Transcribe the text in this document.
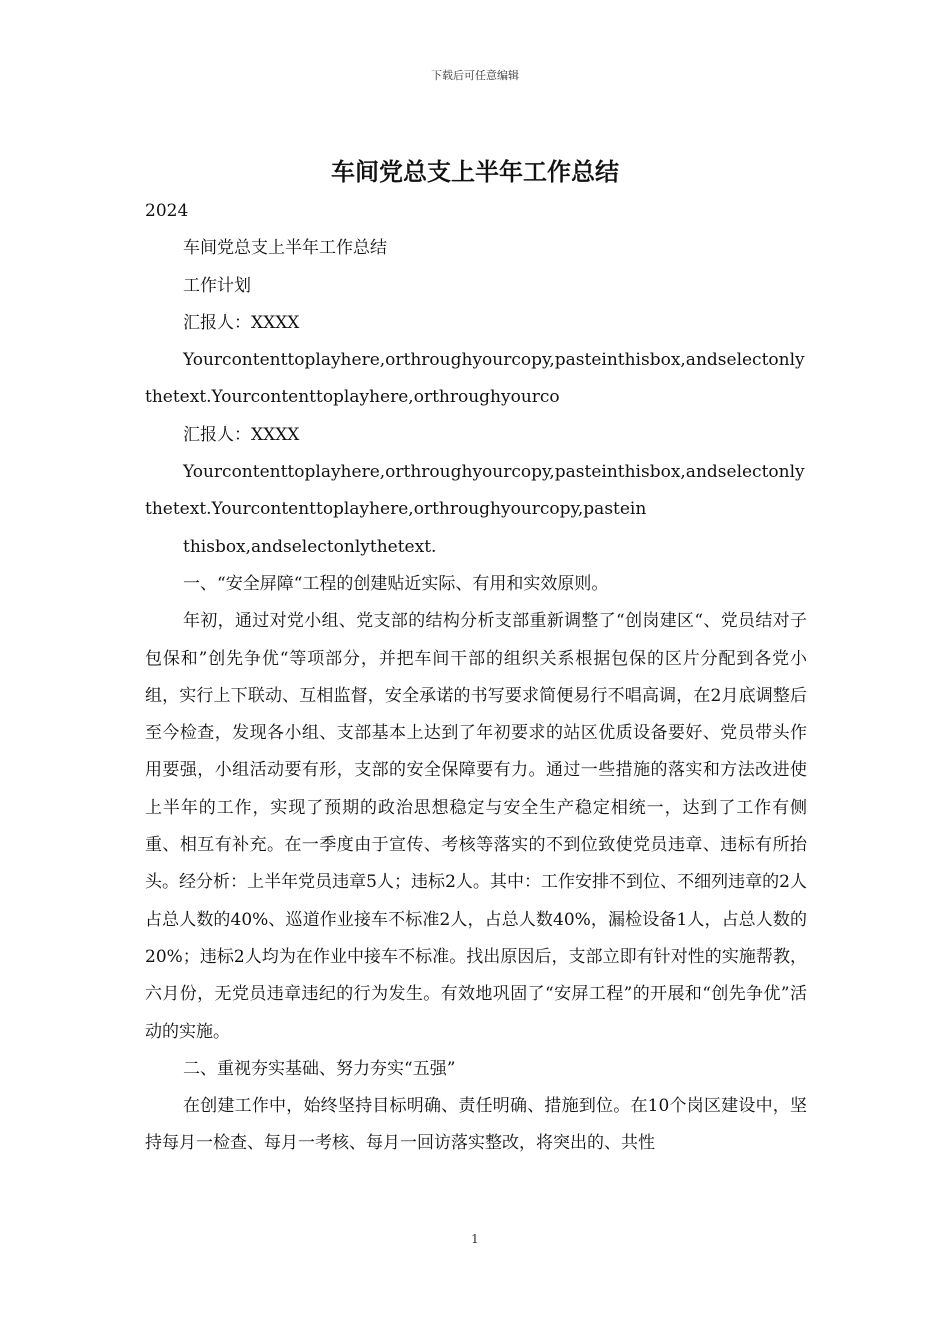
下载后可任意编辑
车间党总支上半年工作总结

2024

车间党总支上半年工作总结

工作计划

汇报人：XXXX

Yourcontenttoplayhere,orthroughyourcopy,pasteinthisbox,andselectonlythetext.Yourcontenttoplayhere,orthroughyourco

汇报人：XXXX

Yourcontenttoplayhere,orthroughyourcopy,pasteinthisbox,andselectonlythetext.Yourcontenttoplayhere,orthroughyourcopy,pastein

thisbox,andselectonlythetext.

一、“安全屏障“工程的创建贴近实际、有用和实效原则。

年初，通过对党小组、党支部的结构分析支部重新调整了“创岗建区“、党员结对子包保和”创先争优“等项部分，并把车间干部的组织关系根据包保的区片分配到各党小组，实行上下联动、互相监督，安全承诺的书写要求简便易行不唱高调，在2月底调整后至今检查，发现各小组、支部基本上达到了年初要求的站区优质设备要好、党员带头作用要强，小组活动要有形，支部的安全保障要有力。通过一些措施的落实和方法改进使上半年的工作，实现了预期的政治思想稳定与安全生产稳定相统一，达到了工作有侧重、相互有补充。在一季度由于宣传、考核等落实的不到位致使党员违章、违标有所抬头。经分析：上半年党员违章5人；违标2人。其中：工作安排不到位、不细列违章的2人占总人数的40%、巡道作业接车不标准2人，占总人数40%，漏检设备1人，占总人数的20%；违标2人均为在作业中接车不标准。找出原因后，支部立即有针对性的实施帮教，六月份，无党员违章违纪的行为发生。有效地巩固了“安屏工程”的开展和“创先争优”活动的实施。

二、重视夯实基础、努力夯实“五强”

在创建工作中，始终坚持目标明确、责任明确、措施到位。在10个岗区建设中，坚持每月一检查、每月一考核、每月一回访落实整改，将突出的、共性

1
